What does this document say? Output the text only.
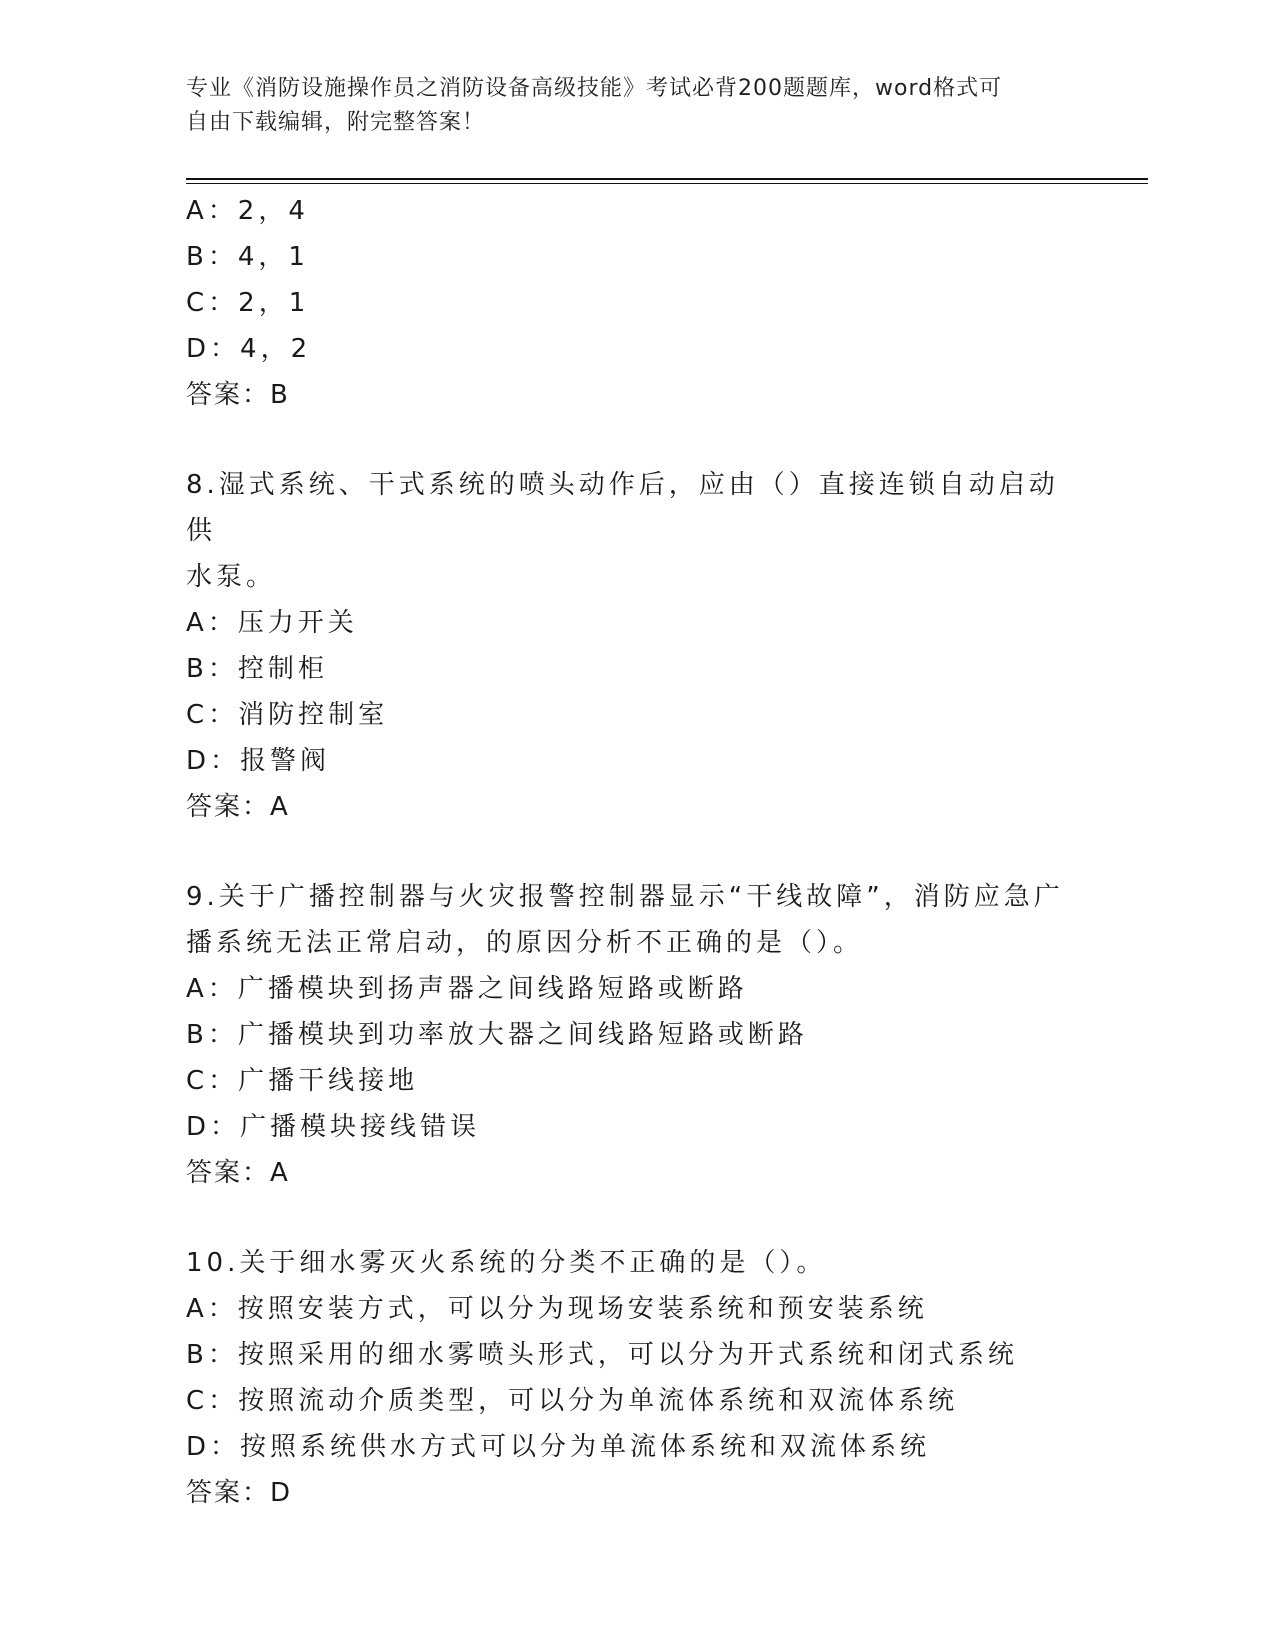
专业《消防设施操作员之消防设备高级技能》考试必背200题题库，word格式可
自由下载编辑，附完整答案！
A：2，4
B：4，1
C：2，1
D：4，2
答案：B
8.湿式系统、干式系统的喷头动作后，应由（）直接连锁自动启动供
水泵。
A：压力开关
B：控制柜
C：消防控制室
D：报警阀
答案：A
9.关于广播控制器与火灾报警控制器显示“干线故障”，消防应急广
播系统无法正常启动，的原因分析不正确的是（）。
A：广播模块到扬声器之间线路短路或断路
B：广播模块到功率放大器之间线路短路或断路
C：广播干线接地
D：广播模块接线错误
答案：A
10.关于细水雾灭火系统的分类不正确的是（）。
A：按照安装方式，可以分为现场安装系统和预安装系统
B：按照采用的细水雾喷头形式，可以分为开式系统和闭式系统
C：按照流动介质类型，可以分为单流体系统和双流体系统
D：按照系统供水方式可以分为单流体系统和双流体系统
答案：D
